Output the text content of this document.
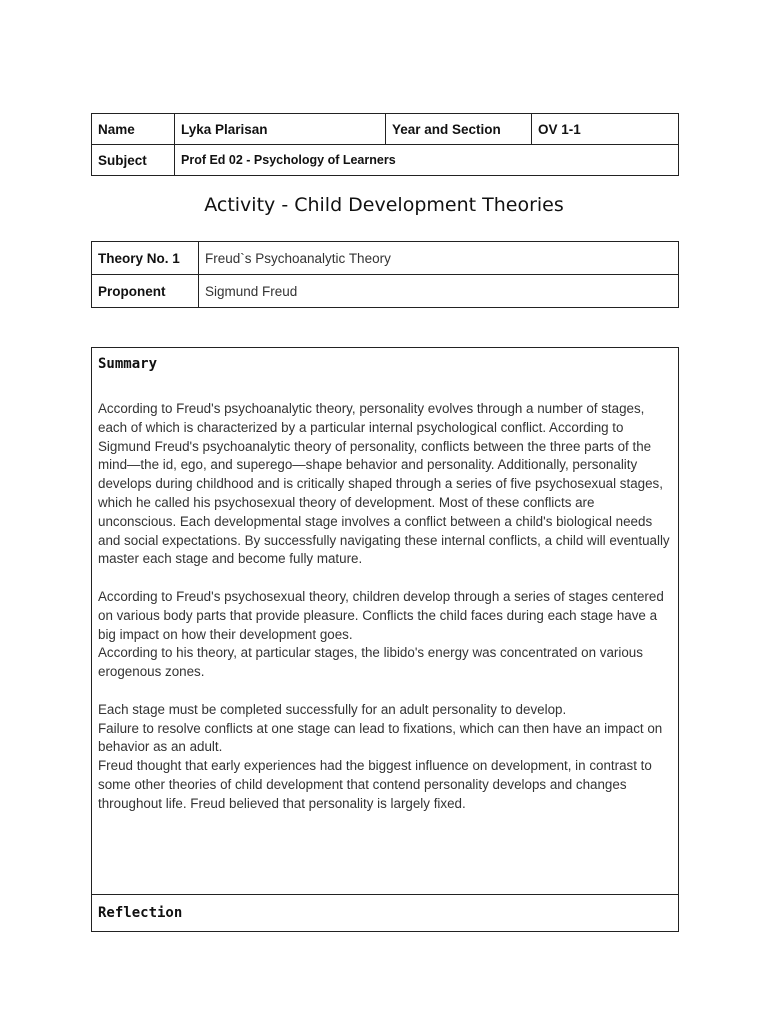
Name	Lyka Plarisan	Year and Section	OV 1-1
Subject	Prof Ed 02 - Psychology of Learners		
Activity - Child Development Theories
Theory No. 1	Freud`s Psychoanalytic Theory
Proponent	Sigmund Freud
Summary

According to Freud's psychoanalytic theory, personality evolves through a number of stages, each of which is characterized by a particular internal psychological conflict. According to Sigmund Freud's psychoanalytic theory of personality, conflicts between the three parts of the mind—the id, ego, and superego—shape behavior and personality. Additionally, personality develops during childhood and is critically shaped through a series of five psychosexual stages, which he called his psychosexual theory of development. Most of these conflicts are unconscious. Each developmental stage involves a conflict between a child's biological needs and social expectations. By successfully navigating these internal conflicts, a child will eventually master each stage and become fully mature.

According to Freud's psychosexual theory, children develop through a series of stages centered on various body parts that provide pleasure. Conflicts the child faces during each stage have a big impact on how their development goes.

According to his theory, at particular stages, the libido's energy was concentrated on various erogenous zones.

Each stage must be completed successfully for an adult personality to develop.

Failure to resolve conflicts at one stage can lead to fixations, which can then have an impact on behavior as an adult.

Freud thought that early experiences had the biggest influence on development, in contrast to some other theories of child development that contend personality develops and changes throughout life. Freud believed that personality is largely fixed.

Reflection
